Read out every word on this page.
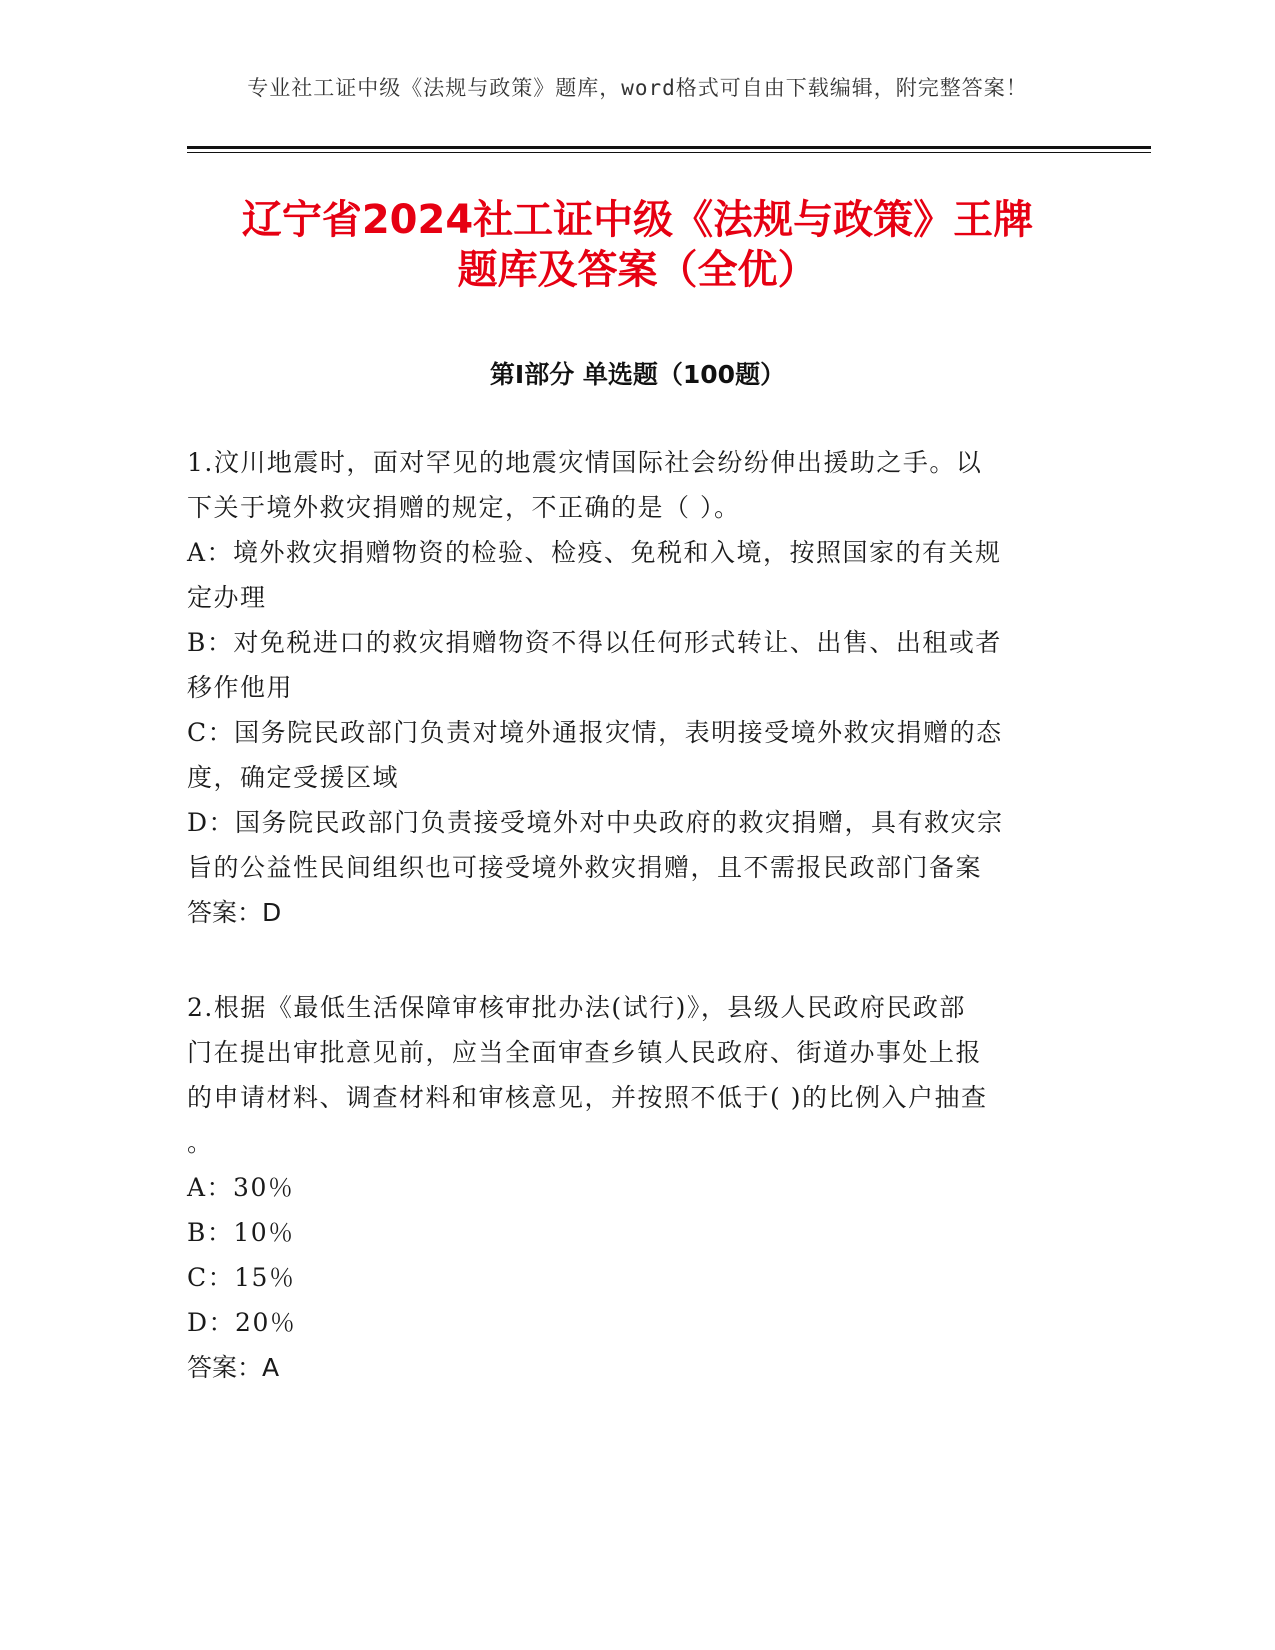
专业社工证中级《法规与政策》题库，word格式可自由下载编辑，附完整答案！
辽宁省2024社工证中级《法规与政策》王牌
题库及答案（全优）
第Ⅰ部分 单选题（100题）
1.汶川地震时，面对罕见的地震灾情国际社会纷纷伸出援助之手。以
下关于境外救灾捐赠的规定，不正确的是（ ）。
A：境外救灾捐赠物资的检验、检疫、免税和入境，按照国家的有关规
定办理
B：对免税进口的救灾捐赠物资不得以任何形式转让、出售、出租或者
移作他用
C：国务院民政部门负责对境外通报灾情，表明接受境外救灾捐赠的态
度，确定受援区域
D：国务院民政部门负责接受境外对中央政府的救灾捐赠，具有救灾宗
旨的公益性民间组织也可接受境外救灾捐赠，且不需报民政部门备案
答案：D
2.根据《最低生活保障审核审批办法(试行)》，县级人民政府民政部
门在提出审批意见前，应当全面审查乡镇人民政府、街道办事处上报
的申请材料、调查材料和审核意见，并按照不低于( )的比例入户抽查
。
A：30％
B：10％
C：15％
D：20％
答案：A
